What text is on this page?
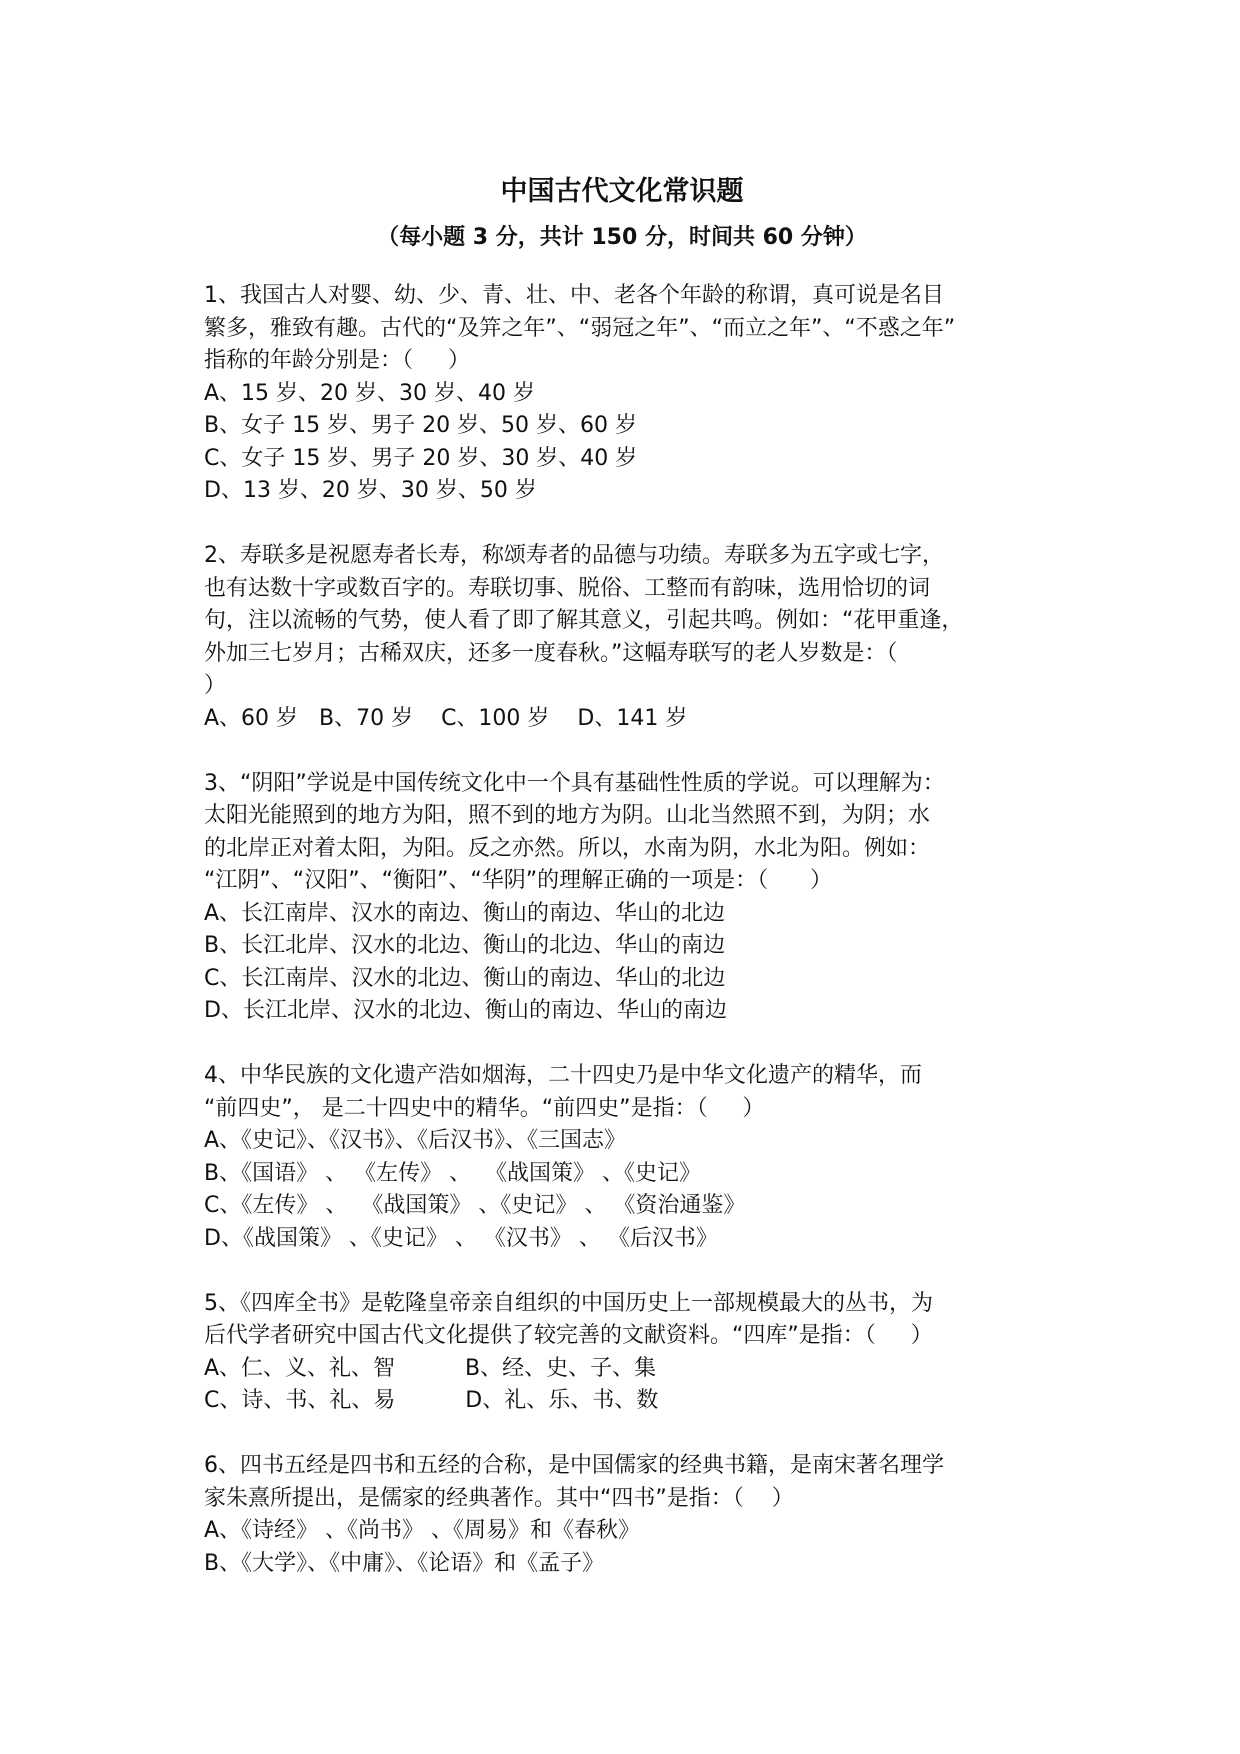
中国古代文化常识题
（每小题 3 分，共计 150 分，时间共 60 分钟）
1、我国古人对婴、幼、少、青、壮、中、老各个年龄的称谓，真可说是名目
繁多，雅致有趣。古代的“及笄之年”、“弱冠之年”、“而立之年”、“不惑之年”
指称的年龄分别是：（     ）
A、15 岁、20 岁、30 岁、40 岁
B、女子 15 岁、男子 20 岁、50 岁、60 岁
C、女子 15 岁、男子 20 岁、30 岁、40 岁
D、13 岁、20 岁、30 岁、50 岁
2、寿联多是祝愿寿者长寿，称颂寿者的品德与功绩。寿联多为五字或七字，
也有达数十字或数百字的。寿联切事、脱俗、工整而有韵味，选用恰切的词
句，注以流畅的气势，使人看了即了解其意义，引起共鸣。例如：“花甲重逢，
外加三七岁月；古稀双庆，还多一度春秋。”这幅寿联写的老人岁数是：（
）
A、60 岁   B、70 岁    C、100 岁    D、141 岁
3、“阴阳”学说是中国传统文化中一个具有基础性性质的学说。可以理解为：
太阳光能照到的地方为阳，照不到的地方为阴。山北当然照不到，为阴；水
的北岸正对着太阳，为阳。反之亦然。所以，水南为阴，水北为阳。例如：
“江阴”、“汉阳”、“衡阳”、“华阴”的理解正确的一项是：（      ）
A、长江南岸、汉水的南边、衡山的南边、华山的北边
B、长江北岸、汉水的北边、衡山的北边、华山的南边
C、长江南岸、汉水的北边、衡山的南边、华山的北边
D、长江北岸、汉水的北边、衡山的南边、华山的南边
4、中华民族的文化遗产浩如烟海，二十四史乃是中华文化遗产的精华，而
“前四史”， 是二十四史中的精华。“前四史”是指：（     ）
A、《史记》、《汉书》、《后汉书》、《三国志》
B、《国语》 、 《左传》 、  《战国策》 、《史记》
C、《左传》 、  《战国策》 、《史记》 、 《资治通鉴》
D、《战国策》 、《史记》 、 《汉书》 、 《后汉书》
5、《四库全书》是乾隆皇帝亲自组织的中国历史上一部规模最大的丛书，为
后代学者研究中国古代文化提供了较完善的文献资料。“四库”是指：（     ）
A、仁、义、礼、智          B、经、史、子、集
C、诗、书、礼、易          D、礼、乐、书、数
6、四书五经是四书和五经的合称，是中国儒家的经典书籍，是南宋著名理学
家朱熹所提出，是儒家的经典著作。其中“四书”是指：（    ）
A、《诗经》 、《尚书》 、《周易》和《春秋》
B、《大学》、《中庸》、《论语》和《孟子》
